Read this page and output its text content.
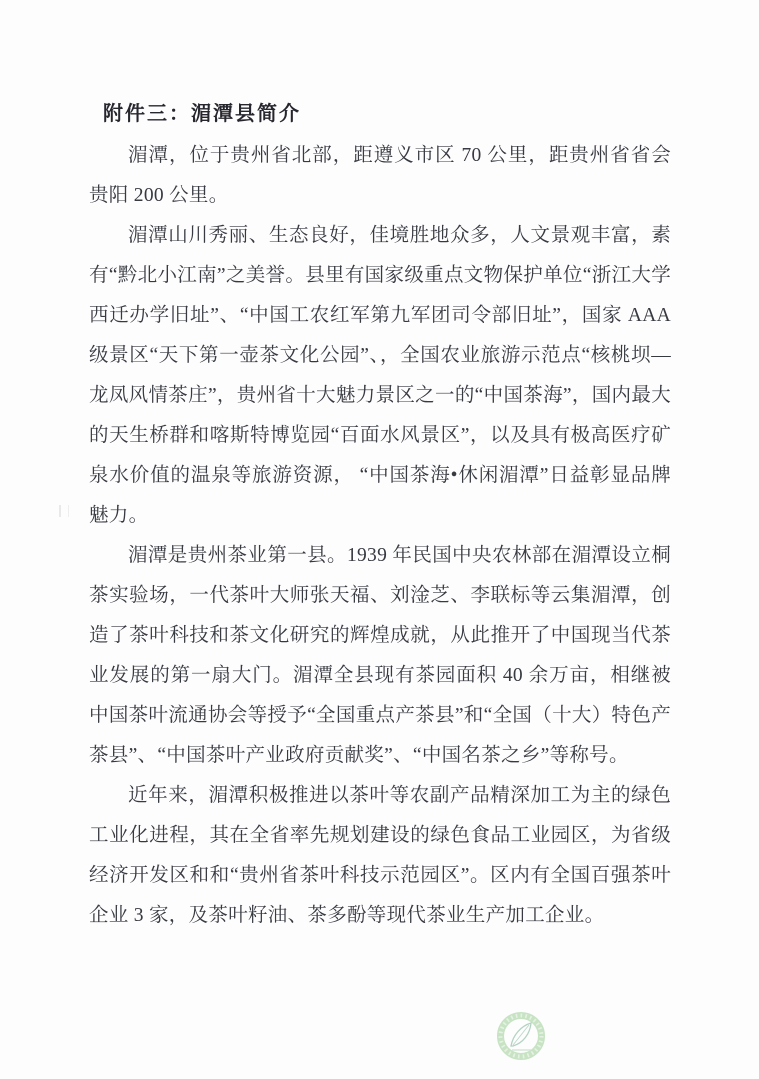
附件三：湄潭县简介

湄潭，位于贵州省北部，距遵义市区 70 公里，距贵州省省会贵阳 200 公里。

湄潭山川秀丽、生态良好，佳境胜地众多，人文景观丰富，素有“黔北小江南”之美誉。县里有国家级重点文物保护单位“浙江大学西迁办学旧址”、“中国工农红军第九军团司令部旧址”，国家 AAA 级景区“天下第一壶茶文化公园”、，全国农业旅游示范点“核桃坝—龙凤风情茶庄”，贵州省十大魅力景区之一的“中国茶海”，国内最大的天生桥群和喀斯特博览园“百面水风景区”，以及具有极高医疗矿泉水价值的温泉等旅游资源， “中国茶海•休闲湄潭”日益彰显品牌魅力。

湄潭是贵州茶业第一县。1939 年民国中央农林部在湄潭设立桐茶实验场，一代茶叶大师张天福、刘淦芝、李联标等云集湄潭，创造了茶叶科技和茶文化研究的辉煌成就，从此推开了中国现当代茶业发展的第一扇大门。湄潭全县现有茶园面积 40 余万亩，相继被中国茶叶流通协会等授予“全国重点产茶县”和“全国（十大）特色产茶县”、“中国茶叶产业政府贡献奖”、“中国名茶之乡”等称号。

近年来，湄潭积极推进以茶叶等农副产品精深加工为主的绿色工业化进程，其在全省率先规划建设的绿色食品工业园区，为省级经济开发区和和“贵州省茶叶科技示范园区”。区内有全国百强茶叶企业 3 家，及茶叶籽油、茶多酚等现代茶业生产加工企业。
